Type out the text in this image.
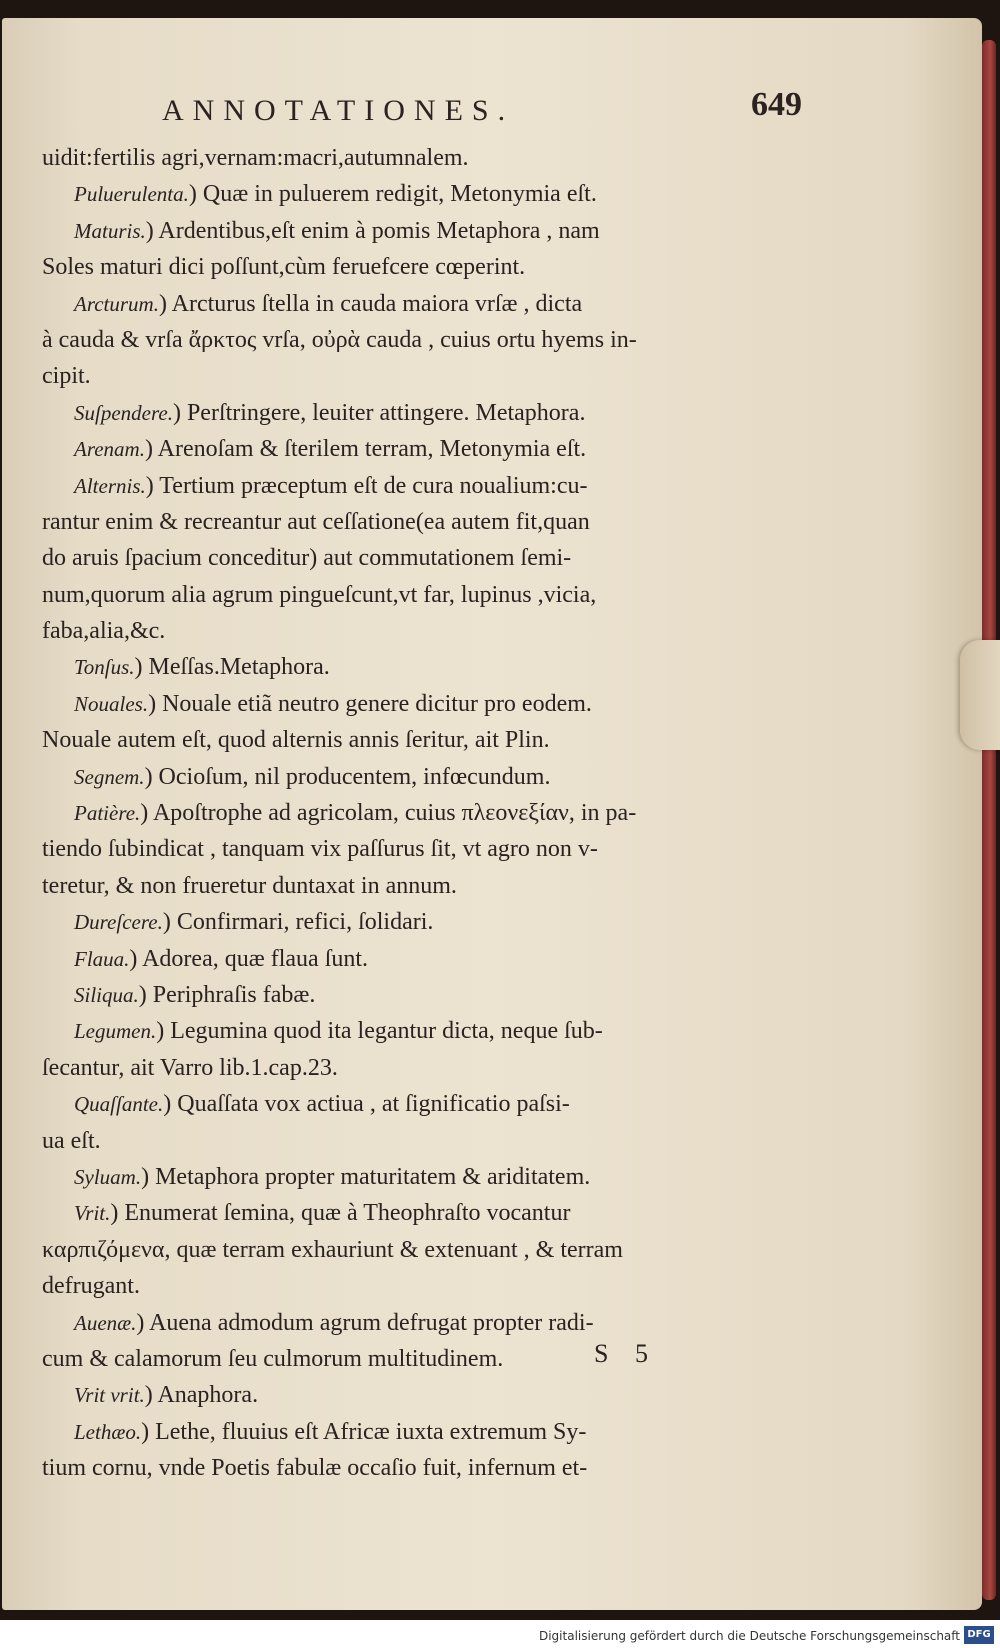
ANNOTATIONES.	649
uidit:fertilis agri,vernam:macri,autumnalem.
Puluerulenta.) Quæ in puluerem redigit, Metonymia eſt.
Maturis.) Ardentibus,eſt enim à pomis Metaphora , nam
Soles maturi dici poſſunt,cùm feruefcere cœperint.
Arcturum.) Arcturus ſtella in cauda maiora vrſæ , dicta
à cauda & vrſa ἄρκτος vrſa, οὐρὰ cauda , cuius ortu hyems in-
cipit.
Suſpendere.) Perſtringere, leuiter attingere. Metaphora.
Arenam.) Arenoſam & ſterilem terram, Metonymia eſt.
Alternis.) Tertium præceptum eſt de cura noualium:cu-
rantur enim & recreantur aut ceſſatione(ea autem fit,quan
do aruis ſpacium conceditur) aut commutationem ſemi-
num,quorum alia agrum pingueſcunt,vt far, lupinus ,vicia,
faba,alia,&c.
Tonſus.) Meſſas.Metaphora.
Nouales.) Nouale etiã neutro genere dicitur pro eodem.
Nouale autem eſt, quod alternis annis ſeritur, ait Plin.
Segnem.) Ocioſum, nil producentem, infœcundum.
Patière.) Apoſtrophe ad agricolam, cuius πλεονεξίαν, in pa-
tiendo ſubindicat , tanquam vix paſſurus ſit, vt agro non v-
teretur, & non frueretur duntaxat in annum.
Dureſcere.) Confirmari, refici, ſolidari.
Flaua.) Adorea, quæ flaua ſunt.
Siliqua.) Periphraſis fabæ.
Legumen.) Legumina quod ita legantur dicta, neque ſub-
ſecantur, ait Varro lib.1.cap.23.
Quaſſante.) Quaſſata vox actiua , at ſignificatio paſsi-
ua eſt.
Syluam.) Metaphora propter maturitatem & ariditatem.
Vrit.) Enumerat ſemina, quæ à Theophraſto vocantur
καρπιζόμενα, quæ terram exhauriunt & extenuant , & terram
defrugant.
Auenæ.) Auena admodum agrum defrugat propter radi-
cum & calamorum ſeu culmorum multitudinem.
Vrit vrit.) Anaphora.
Lethæo.) Lethe, fluuius eſt Africæ iuxta extremum Sy-
tium cornu, vnde Poetis fabulæ occaſio fuit, infernum et-
S 5
Digitalisierung gefördert durch die Deutsche Forschungsgemeinschaft DFG
